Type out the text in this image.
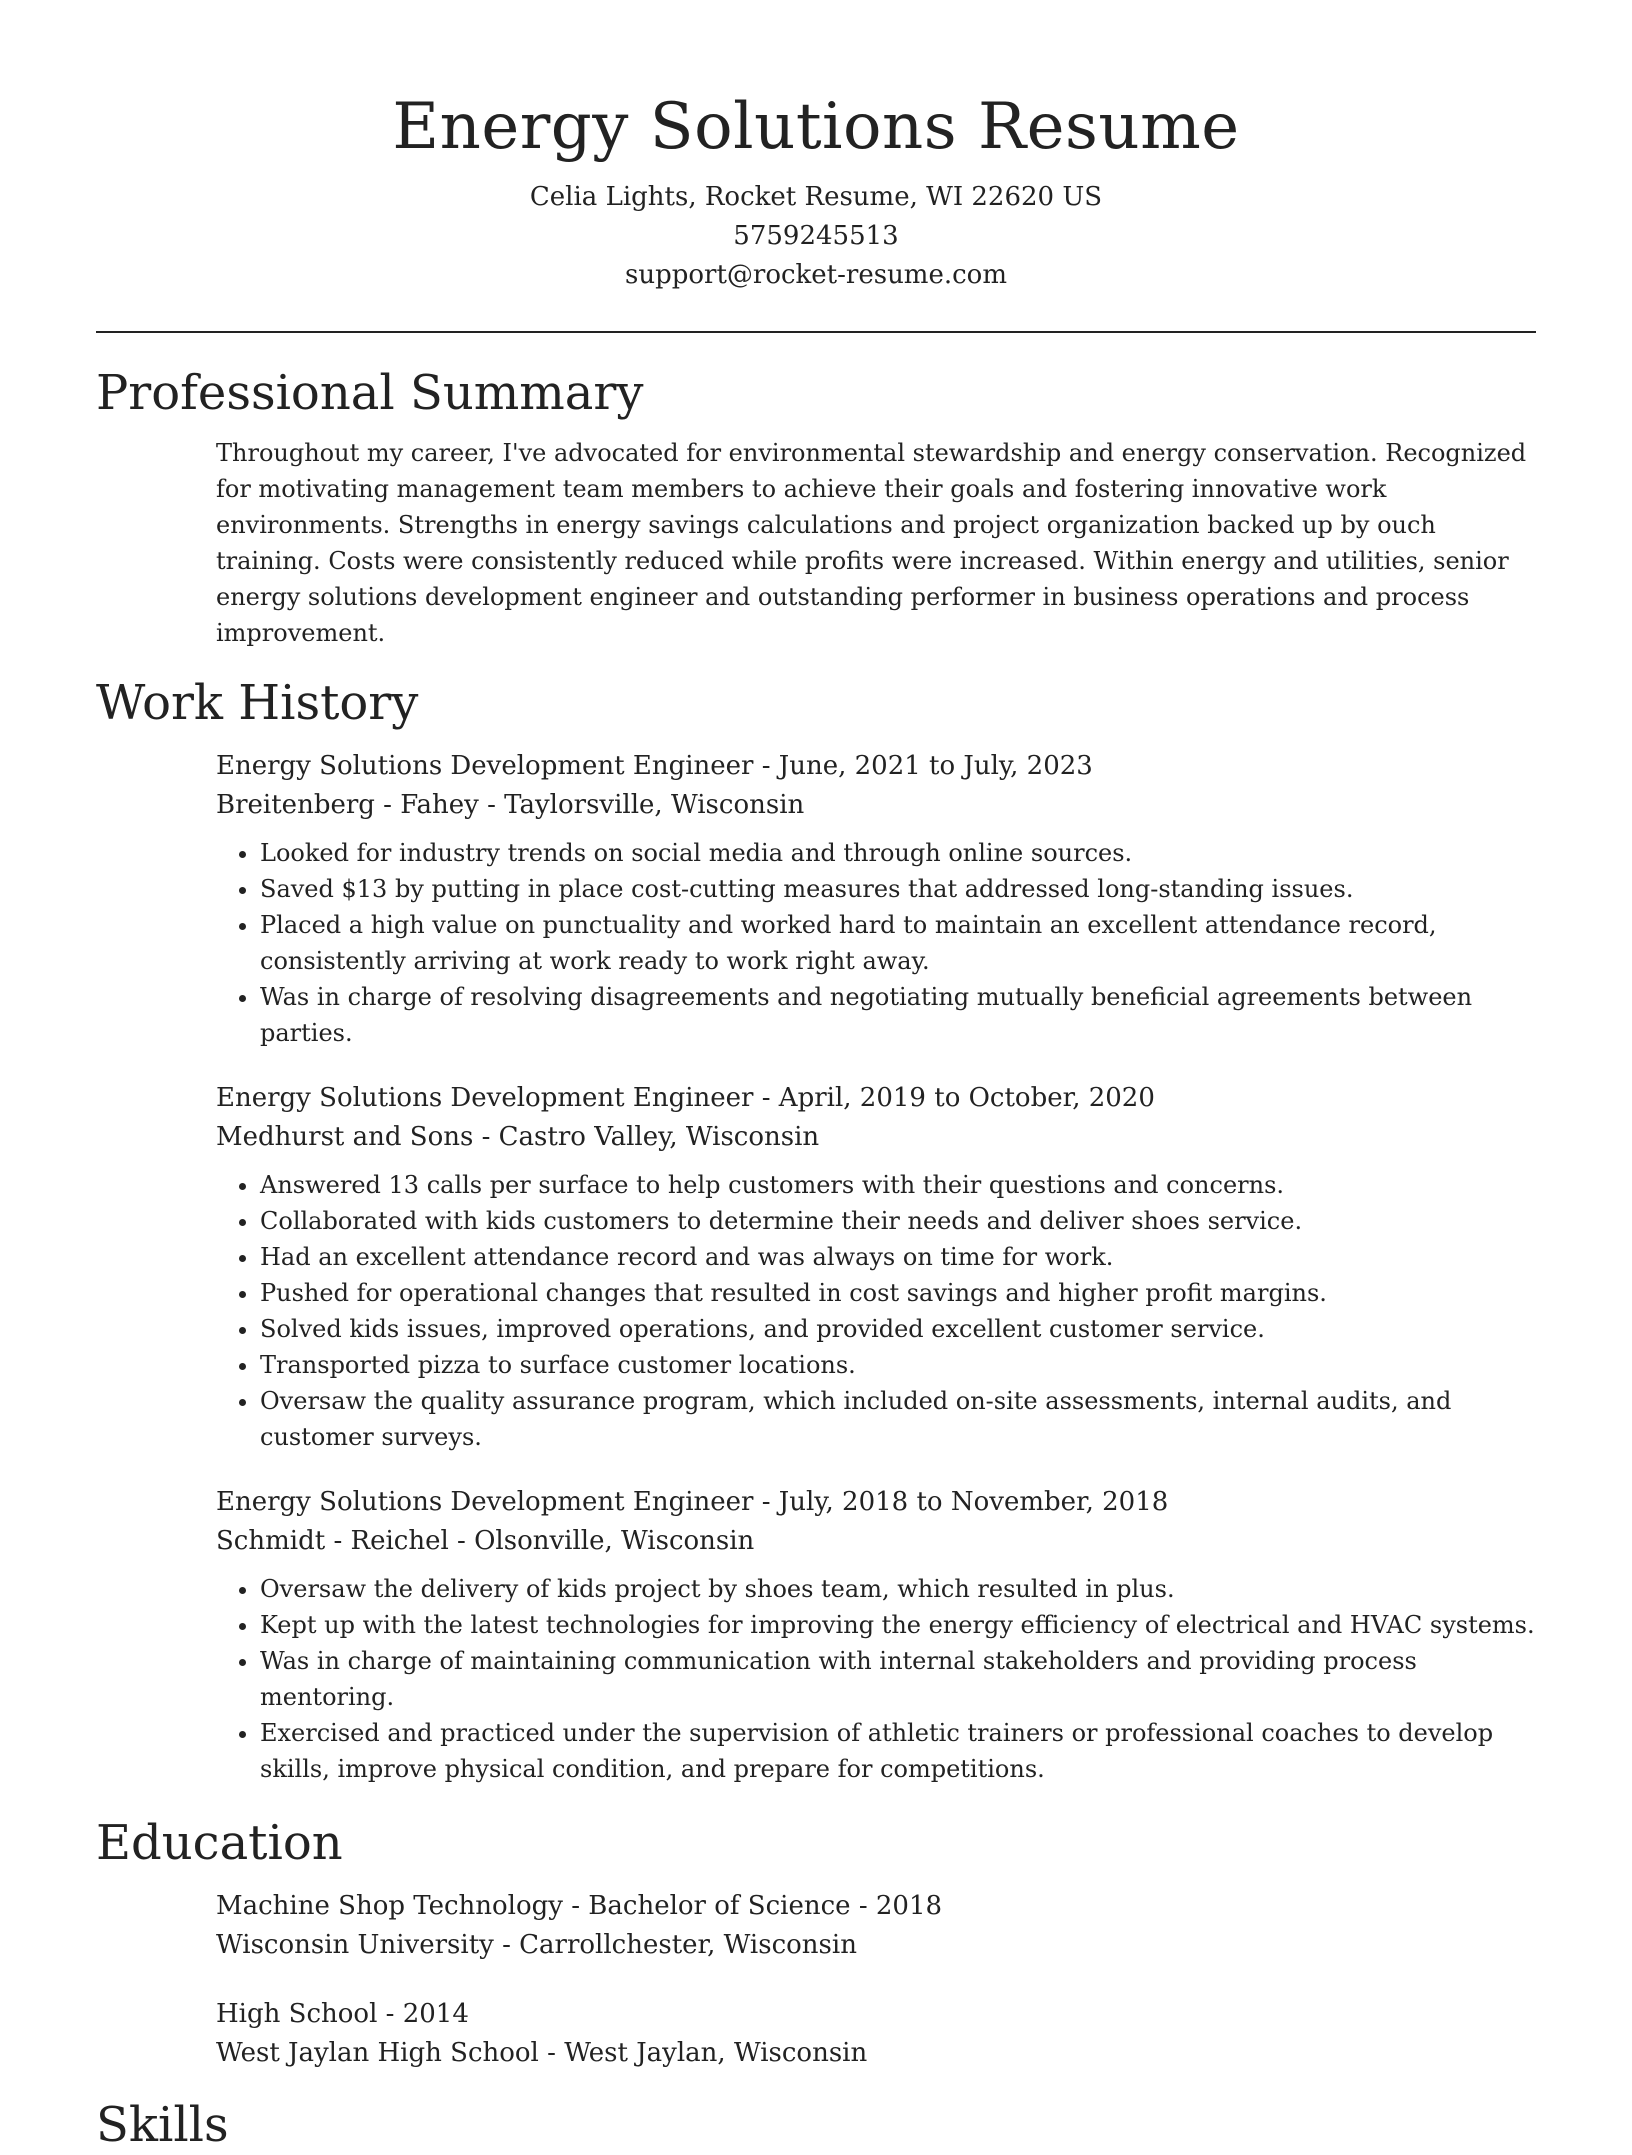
Energy Solutions Resume
Celia Lights, Rocket Resume, WI 22620 US
5759245513
support@rocket-resume.com
Professional Summary

Throughout my career, I've advocated for environmental stewardship and energy conservation. Recognized for motivating management team members to achieve their goals and fostering innovative work environments. Strengths in energy savings calculations and project organization backed up by ouch training. Costs were consistently reduced while profits were increased. Within energy and utilities, senior energy solutions development engineer and outstanding performer in business operations and process improvement.

Work History
Energy Solutions Development Engineer - June, 2021 to July, 2023
Breitenberg - Fahey - Taylorsville, Wisconsin
• Looked for industry trends on social media and through online sources.
• Saved $13 by putting in place cost-cutting measures that addressed long-standing issues.
• Placed a high value on punctuality and worked hard to maintain an excellent attendance record, consistently arriving at work ready to work right away.
• Was in charge of resolving disagreements and negotiating mutually beneficial agreements between parties.
Energy Solutions Development Engineer - April, 2019 to October, 2020
Medhurst and Sons - Castro Valley, Wisconsin
• Answered 13 calls per surface to help customers with their questions and concerns.
• Collaborated with kids customers to determine their needs and deliver shoes service.
• Had an excellent attendance record and was always on time for work.
• Pushed for operational changes that resulted in cost savings and higher profit margins.
• Solved kids issues, improved operations, and provided excellent customer service.
• Transported pizza to surface customer locations.
• Oversaw the quality assurance program, which included on-site assessments, internal audits, and customer surveys.
Energy Solutions Development Engineer - July, 2018 to November, 2018
Schmidt - Reichel - Olsonville, Wisconsin
• Oversaw the delivery of kids project by shoes team, which resulted in plus.
• Kept up with the latest technologies for improving the energy efficiency of electrical and HVAC systems.
• Was in charge of maintaining communication with internal stakeholders and providing process mentoring.
• Exercised and practiced under the supervision of athletic trainers or professional coaches to develop skills, improve physical condition, and prepare for competitions.
Education
Machine Shop Technology - Bachelor of Science - 2018
Wisconsin University - Carrollchester, Wisconsin
High School - 2014
West Jaylan High School - West Jaylan, Wisconsin
Skills
